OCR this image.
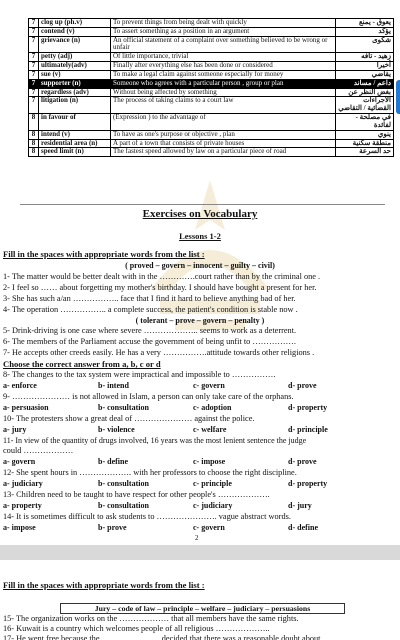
7	clog up (ph.v)	To prevent things from being dealt with quickly	يعوق - يمنع
7	contend (v)	To assert something as a position in an argument	يؤكد
7	grievance (n)	An official statement of a complaint over something believed to be wrong or unfair	شكوى
7	petty (adj)	Of little importance, trivial	زهيد - تافه
7	ultimately(adv)	Finally after everything else has been done or considered	أخيرا
7	sue (v)	To make a legal claim against someone especially for money	يقاضي
7	supporter (n)	Someone who agrees with a particular person , group or plan	داعم / مساند
7	regardless (adv)	Without being affected by something	بغض النظر عن
7	litigation (n)	The process of taking claims to a court law	الاجراءات القضائية / التقاضي
8	in favour of	(Expression ) to the advantage of	في مصلحة - لفائدة
8	intend (v)	To have as one's purpose or objective , plan	ينوي
8	residential area (n)	A part of a town that consists of private houses	منطقة سكنية
8	speed limit (n)	The fastest speed allowed by law on a particular piece of road	حد السرعة
Exercises on Vocabulary
Lessons 1-2
Fill in the spaces with appropriate words from the list :
( proved – govern – innocent – guilty – civil)
1- The matter would be better dealt with in the ………….court rather than by the criminal one .
2- I feel so …… about forgetting my mother's birthday. I should have bought a present for her.
3- She has such a/an …………….. face that I find it hard to believe anything bad of her.
4- The operation …………….. a complete success, the patient's condition is stable now .
( tolerant – prove – govern – penalty )
5- Drink-driving is one case where severe ……………….. seems to work as a deterrent.
6- The members of the Parliament accuse the government of being unfit to …………….
7- He accepts other creeds easily. He has a very …………….attitude towards other religions .
Choose the correct answer from a, b, c or d
8- The changes to the tax system were impractical and impossible to …………….
a- enforce	b- intend	c- govern	d- prove
9- ………………… is not allowed in Islam, a person can only take care of the orphans.
a- persuasion	b- consultation	c- adoption	d- property
10- The protesters show a great deal of ………………… against the police.
a- jury	b- violence	c- welfare	d- principle
11- In view of the quantity of drugs involved, 16 years was the most lenient sentence the judge
could ………………
a- govern	b- define	c- impose	d- prove
12- She spent hours in ………………. with her professors to choose the right discipline.
a- judiciary	b- consultation	c- principle	d- property
13- Children need to be taught to have respect for other people's ……………….
a- property	b- consultation	c- judiciary	d- jury
14- It is sometimes difficult to ask students to …………………. vague abstract words.
a- impose	b- prove	c- govern	d- define
2
Fill in the spaces with appropriate words from the list :
Jury – code of law – principle – welfare – judiciary – persuasions
15- The organization works on the ……………… that all members have the same rights.
16- Kuwait is a country which welcomes people of all religious ………………..
17- He went free because the ………………… decided that there was a reasonable doubt about
